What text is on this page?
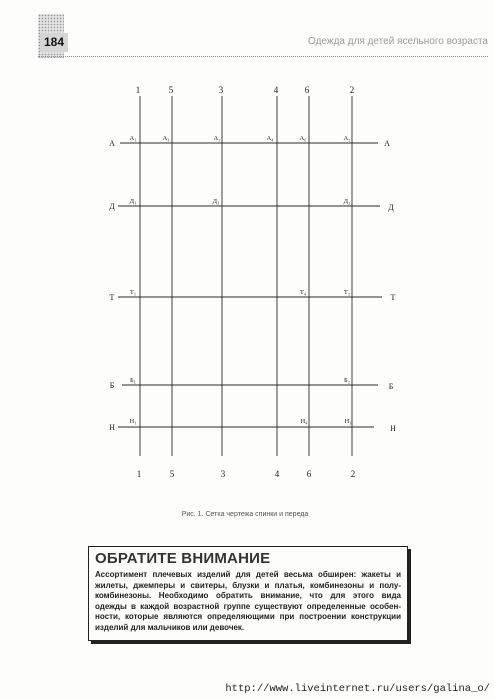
184	Одежда для детей ясельного возраста
1	5	3	4	6	2
1	5	3	4	6	2
А
Д
Т
Б
Н
А
Д
Т
Б
Н
А₁	А₃	А₂	А₄	А₆	А₂
Д₁	Д₃	Д₂
Т₁	Т₄	Т₂
Б₁	Б₂
Н₁	Н₄	Н₃
Рис. 1. Сетка чертежа спинки и переда
ОБРАТИТЕ ВНИМАНИЕ
Ассортимент плечевых изделий для детей весьма обширен: жакеты и
жилеты, джемперы и свитеры, блузки и платья, комбинезоны и полу-
комбинезоны. Необходимо обратить внимание, что для этого вида
одежды в каждой возрастной группе существуют определенные особен-
ности, которые являются определяющими при построении конструкции
изделий для мальчиков или девочек.
http://www.liveinternet.ru/users/galina_o/
